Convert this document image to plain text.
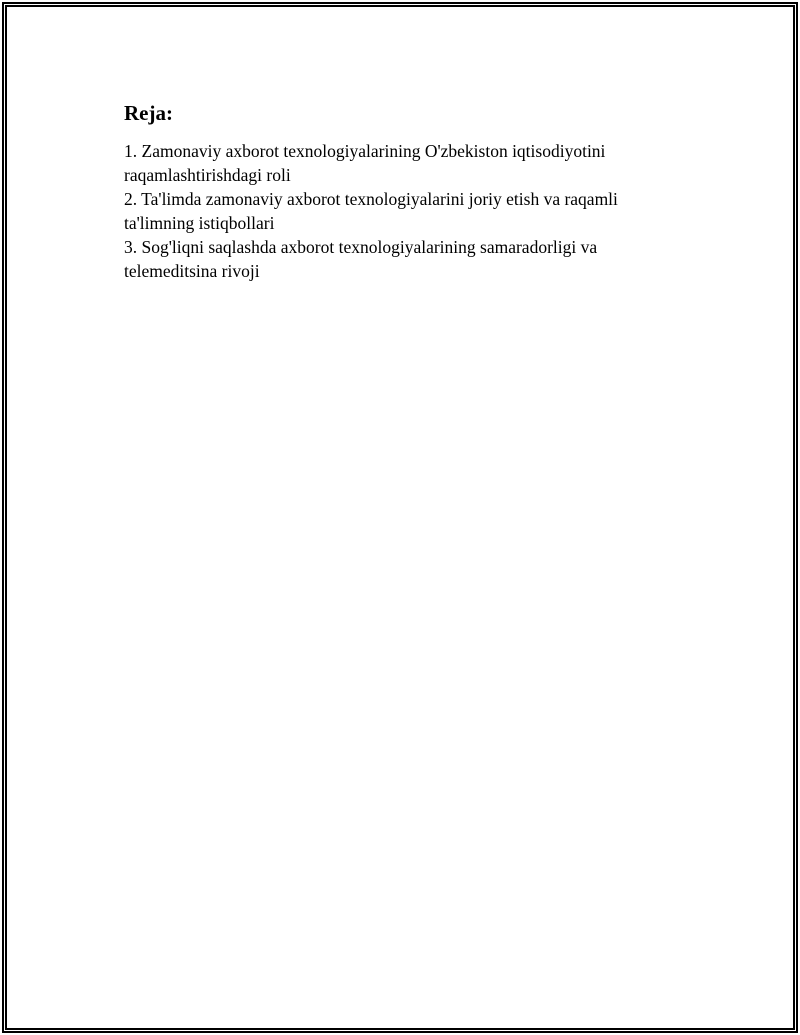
Reja:
1. Zamonaviy axborot texnologiyalarining O'zbekiston iqtisodiyotini raqamlashtirishdagi roli
2. Ta'limda zamonaviy axborot texnologiyalarini joriy etish va raqamli ta'limning istiqbollari
3. Sog'liqni saqlashda axborot texnologiyalarining samaradorligi va telemeditsina rivoji
